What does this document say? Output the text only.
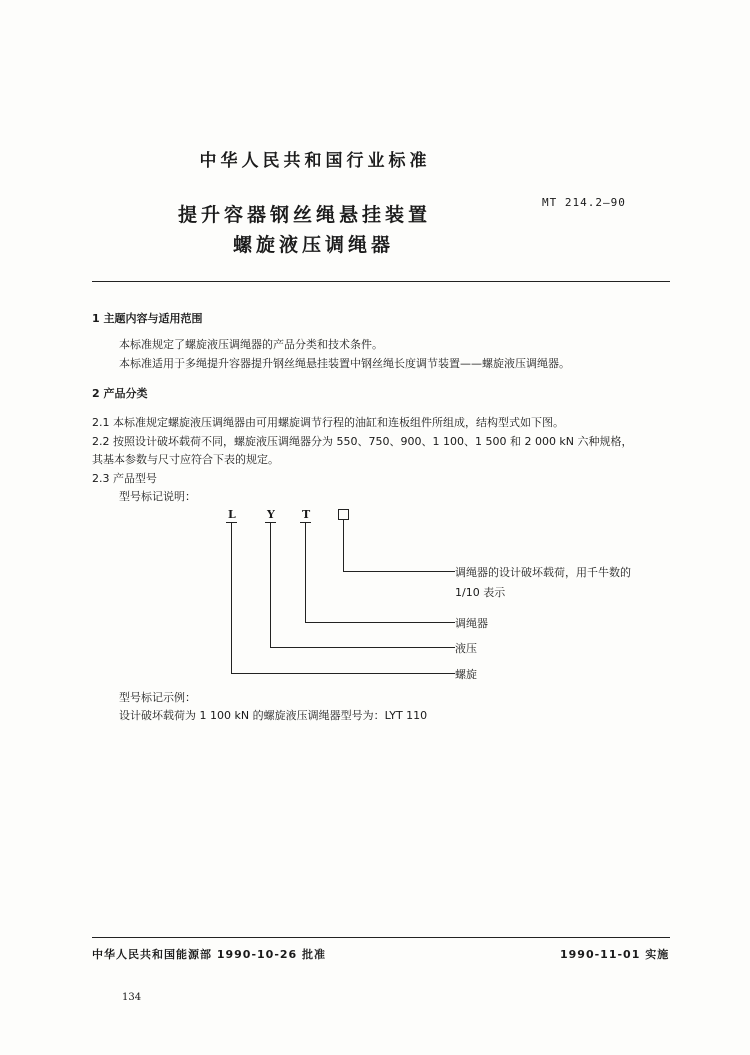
中华人民共和国行业标准
提升容器钢丝绳悬挂装置
螺旋液压调绳器
MT 214.2—90
1 主题内容与适用范围
本标准规定了螺旋液压调绳器的产品分类和技术条件。
本标准适用于多绳提升容器提升钢丝绳悬挂装置中钢丝绳长度调节装置——螺旋液压调绳器。
2 产品分类
2.1 本标准规定螺旋液压调绳器由可用螺旋调节行程的油缸和连板组件所组成，结构型式如下图。
2.2 按照设计破坏载荷不同，螺旋液压调绳器分为 550、750、900、1 100、1 500 和 2 000 kN 六种规格，
其基本参数与尺寸应符合下表的规定。
2.3 产品型号
型号标记说明：
L	Y T
调绳器的设计破坏载荷，用千牛数的
1/10 表示
调绳器
液压
螺旋
型号标记示例：
设计破坏载荷为 1 100 kN 的螺旋液压调绳器型号为：LYT 110
中华人民共和国能源部 1990-10-26 批准	1990-11-01 实施
134
